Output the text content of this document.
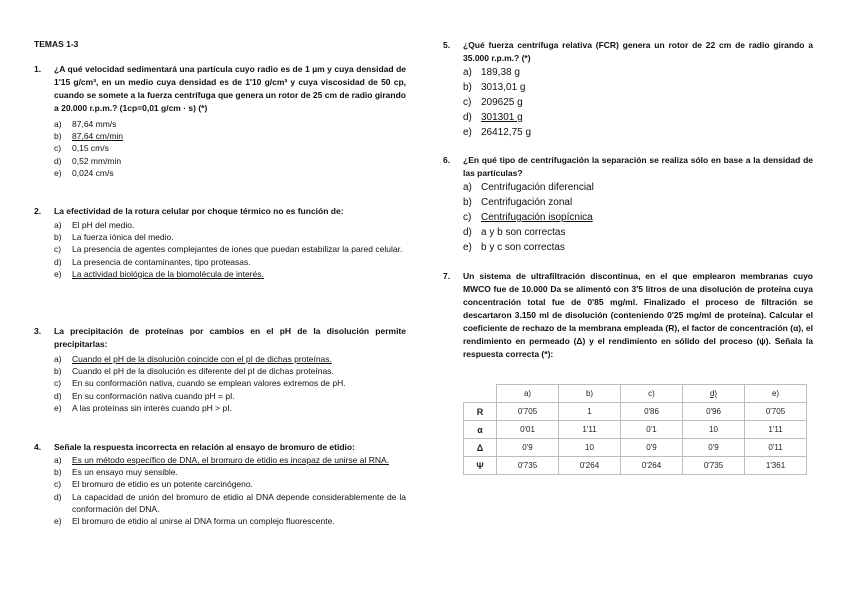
TEMAS 1-3
1.	¿A qué velocidad sedimentará una partícula cuyo radio es de 1 µm y cuya densidad de 1'15 g/cm³, en un medio cuya densidad es de 1'10 g/cm³ y cuya viscosidad de 50 cp, cuando se somete a la fuerza centrífuga que genera un rotor de 25 cm de radio girando a 20.000 r.p.m.? (1cp=0,01 g/cm · s) (*)
a)	87,64 mm/s
b)	87,64 cm/min
c)	0,15 cm/s
d)	0,52 mm/min
e)	0,024 cm/s
2.	La efectividad de la rotura celular por choque térmico no es función de:
a)	El pH del medio.
b)	La fuerza iónica del medio.
c)	La presencia de agentes complejantes de iones que puedan estabilizar la pared celular.
d)	La presencia de contaminantes, tipo proteasas.
e)	La actividad biológica de la biomolécula de interés.
3.	La precipitación de proteínas por cambios en el pH de la disolución permite precipitarlas:
a)	Cuando el pH de la disolución coincide con el pI de dichas proteínas.
b)	Cuando el pH de la disolución es diferente del pI de dichas proteínas.
c)	En su conformación nativa, cuando se emplean valores extremos de pH.
d)	En su conformación nativa cuando pH = pI.
e)	A las proteínas sin interés cuando pH > pI.
4.	Señale la respuesta incorrecta en relación al ensayo de bromuro de etidio:
a)	Es un método específico de DNA, el bromuro de etidio es incapaz de unirse al RNA.
b)	Es un ensayo muy sensible.
c)	El bromuro de etidio es un potente carcinógeno.
d)	La capacidad de unión del bromuro de etidio al DNA depende considerablemente de la conformación del DNA.
e)	El bromuro de etidio al unirse al DNA forma un complejo fluorescente.
5.	¿Qué fuerza centrífuga relativa (FCR) genera un rotor de 22 cm de radio girando a 35.000 r.p.m.? (*)
a) 189,38 g
b) 3013,01 g
c) 209625 g
d) 301301 g
e) 26412,75 g
6.	¿En qué tipo de centrifugación la separación se realiza sólo en base a la densidad de las partículas?
a) Centrifugación diferencial
b) Centrifugación zonal
c) Centrifugación isopícnica
d) a y b son correctas
e) b y c son correctas
7.	Un sistema de ultrafiltración discontinua, en el que emplearon membranas cuyo MWCO fue de 10.000 Da se alimentó con 3'5 litros de una disolución de proteína cuya concentración total fue de 0'85 mg/ml. Finalizado el proceso de filtración se descartaron 3.150 ml de disolución (conteniendo 0'25 mg/ml de proteína). Calcular el coeficiente de rechazo de la membrana empleada (R), el factor de concentración (α), el rendimiento en permeado (Δ) y el rendimiento en sólido del proceso (ψ). Señala la respuesta correcta (*):
	a)	b)	c)	d)	e)
R	0'705	1	0'86	0'96	0'705
α	0'01	1'11	0'1	10	1'11
Δ	0'9	10	0'9	0'9	0'11
Ψ	0'735	0'264	0'264	0'735	1'361
